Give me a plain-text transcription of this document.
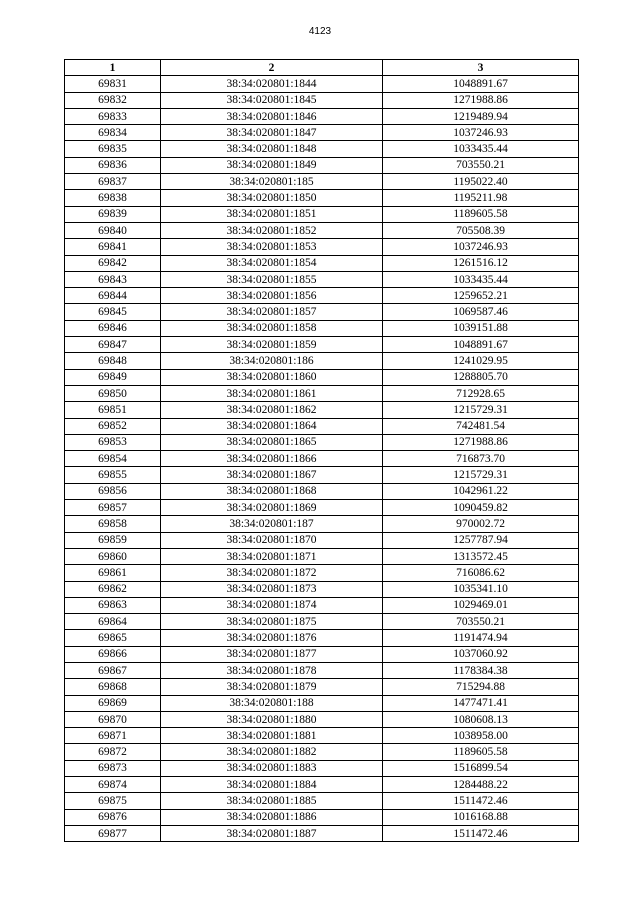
4123
1	2	3
69831	38:34:020801:1844	1048891.67
69832	38:34:020801:1845	1271988.86
69833	38:34:020801:1846	1219489.94
69834	38:34:020801:1847	1037246.93
69835	38:34:020801:1848	1033435.44
69836	38:34:020801:1849	703550.21
69837	38:34:020801:185	1195022.40
69838	38:34:020801:1850	1195211.98
69839	38:34:020801:1851	1189605.58
69840	38:34:020801:1852	705508.39
69841	38:34:020801:1853	1037246.93
69842	38:34:020801:1854	1261516.12
69843	38:34:020801:1855	1033435.44
69844	38:34:020801:1856	1259652.21
69845	38:34:020801:1857	1069587.46
69846	38:34:020801:1858	1039151.88
69847	38:34:020801:1859	1048891.67
69848	38:34:020801:186	1241029.95
69849	38:34:020801:1860	1288805.70
69850	38:34:020801:1861	712928.65
69851	38:34:020801:1862	1215729.31
69852	38:34:020801:1864	742481.54
69853	38:34:020801:1865	1271988.86
69854	38:34:020801:1866	716873.70
69855	38:34:020801:1867	1215729.31
69856	38:34:020801:1868	1042961.22
69857	38:34:020801:1869	1090459.82
69858	38:34:020801:187	970002.72
69859	38:34:020801:1870	1257787.94
69860	38:34:020801:1871	1313572.45
69861	38:34:020801:1872	716086.62
69862	38:34:020801:1873	1035341.10
69863	38:34:020801:1874	1029469.01
69864	38:34:020801:1875	703550.21
69865	38:34:020801:1876	1191474.94
69866	38:34:020801:1877	1037060.92
69867	38:34:020801:1878	1178384.38
69868	38:34:020801:1879	715294.88
69869	38:34:020801:188	1477471.41
69870	38:34:020801:1880	1080608.13
69871	38:34:020801:1881	1038958.00
69872	38:34:020801:1882	1189605.58
69873	38:34:020801:1883	1516899.54
69874	38:34:020801:1884	1284488.22
69875	38:34:020801:1885	1511472.46
69876	38:34:020801:1886	1016168.88
69877	38:34:020801:1887	1511472.46
